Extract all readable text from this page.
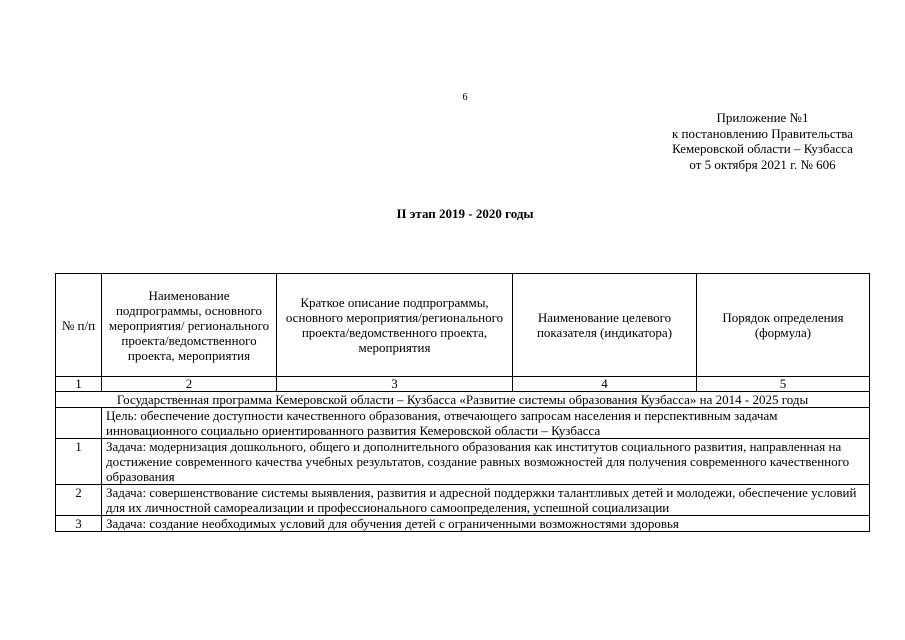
6
Приложение №1
к постановлению Правительства
Кемеровской области – Кузбасса
от 5 октября 2021 г. № 606
II этап 2019 - 2020 годы
№ п/п	Наименование подпрограммы, основного мероприятия/ регионального проекта/ведомственного проекта, мероприятия	Краткое описание подпрограммы, основного мероприятия/регионального проекта/ведомственного проекта, мероприятия	Наименование целевого показателя (индикатора)	Порядок определения (формула)
1	2	3	4	5
Государственная программа Кемеровской области – Кузбасса «Развитие системы образования Кузбасса» на 2014 - 2025 годы				
	Цель: обеспечение доступности качественного образования, отвечающего запросам населения и перспективным задачам инновационного социально ориентированного развития Кемеровской области – Кузбасса			
1	Задача: модернизация дошкольного, общего и дополнительного образования как институтов социального развития, направленная на достижение современного качества учебных результатов, создание равных возможностей для получения современного качественного образования			
2	Задача: совершенствование системы выявления, развития и адресной поддержки талантливых детей и молодежи, обеспечение условий для их личностной самореализации и профессионального самоопределения, успешной социализации			
3	Задача: создание необходимых условий для обучения детей с ограниченными возможностями здоровья			
